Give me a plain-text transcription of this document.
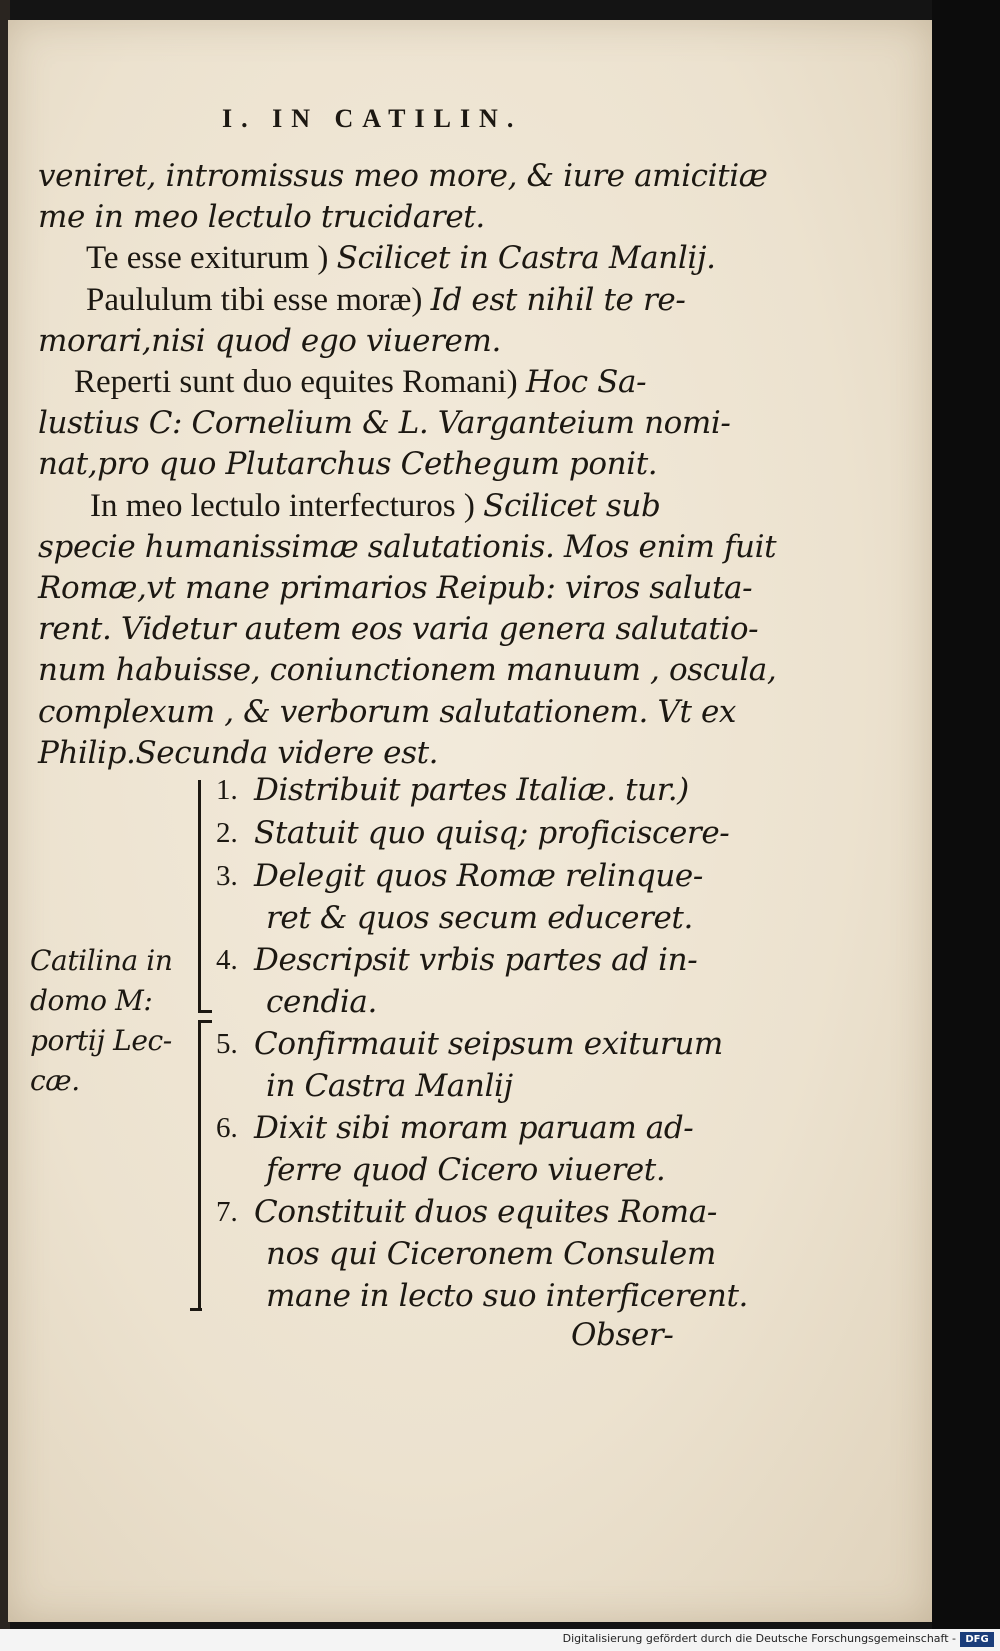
I. IN CATILIN.
veniret, intromissus meo more, & iure amicitiæ
me in meo lectulo trucidaret.
Te esse exiturum ) Scilicet in Castra Manlij.
Paululum tibi esse moræ) Id est nihil te re-
morari,nisi quod ego viuerem.
Reperti sunt duo equites Romani) Hoc Sa-
lustius C: Cornelium & L. Varganteium nomi-
nat,pro quo Plutarchus Cethegum ponit.
In meo lectulo interfecturos ) Scilicet sub
specie humanissimæ salutationis. Mos enim fuit
Romæ,vt mane primarios Reipub: viros saluta-
rent. Videtur autem eos varia genera salutatio-
num habuisse, coniunctionem manuum , oscula,
complexum , & verborum salutationem. Vt ex
Philip.Secunda videre est.
Catilina in
domo M:
portij Lec-
cæ.
1. Distribuit partes Italiæ. tur.)
2. Statuit quo quisq; proficiscere-
3. Delegit quos Romæ relinque-
ret & quos secum educeret.
4. Descripsit vrbis partes ad in-
cendia.
5. Confirmauit seipsum exiturum
in Castra Manlij
6. Dixit sibi moram paruam ad-
ferre quod Cicero viueret.
7. Constituit duos equites Roma-
nos qui Ciceronem Consulem
mane in lecto suo interficerent.
Obser-
Digitalisierung gefördert durch die Deutsche Forschungsgemeinschaft - DFG
